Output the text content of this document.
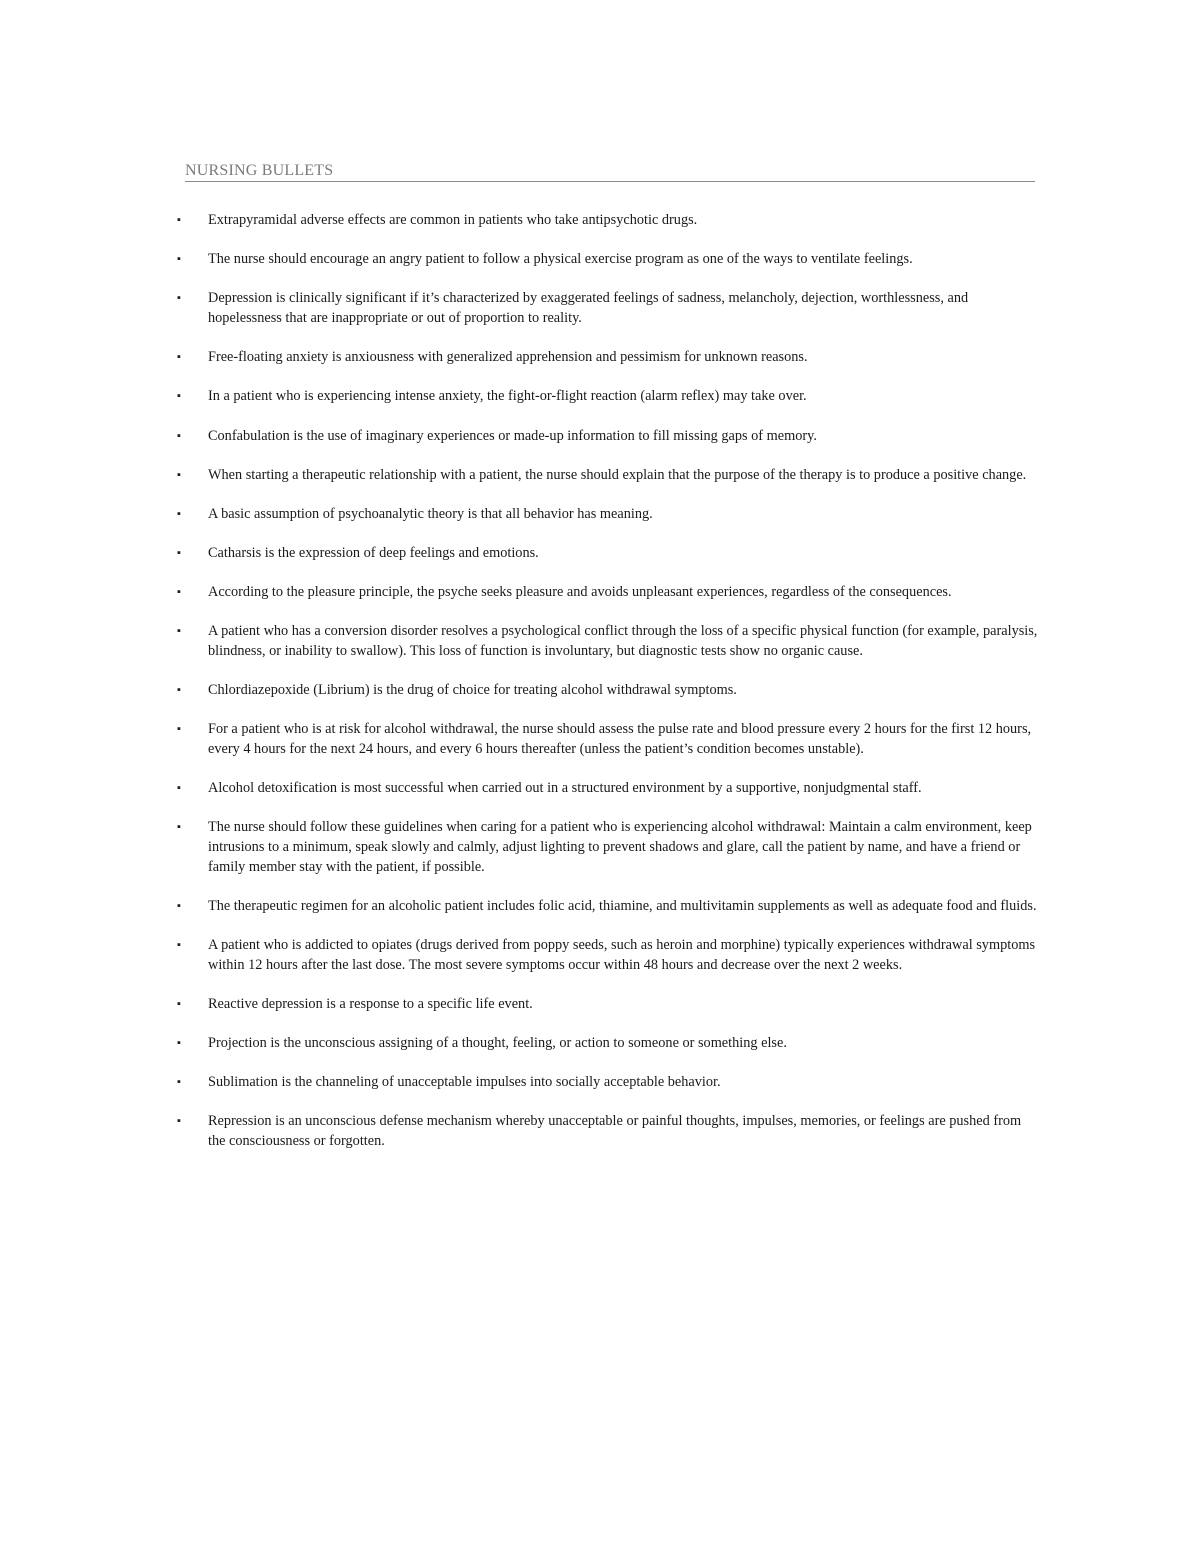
NURSING BULLETS
▪ Extrapyramidal adverse effects are common in patients who take antipsychotic drugs.
▪ The nurse should encourage an angry patient to follow a physical exercise program as one of the ways to ventilate feelings.
▪ Depression is clinically significant if it’s characterized by exaggerated feelings of sadness, melancholy, dejection, worthlessness, and hopelessness that are inappropriate or out of proportion to reality.
▪ Free-floating anxiety is anxiousness with generalized apprehension and pessimism for unknown reasons.
▪ In a patient who is experiencing intense anxiety, the fight-or-flight reaction (alarm reflex) may take over.
▪ Confabulation is the use of imaginary experiences or made-up information to fill missing gaps of memory.
▪ When starting a therapeutic relationship with a patient, the nurse should explain that the purpose of the therapy is to produce a positive change.
▪ A basic assumption of psychoanalytic theory is that all behavior has meaning.
▪ Catharsis is the expression of deep feelings and emotions.
▪ According to the pleasure principle, the psyche seeks pleasure and avoids unpleasant experiences, regardless of the consequences.
▪ A patient who has a conversion disorder resolves a psychological conflict through the loss of a specific physical function (for example, paralysis, blindness, or inability to swallow). This loss of function is involuntary, but diagnostic tests show no organic cause.
▪ Chlordiazepoxide (Librium) is the drug of choice for treating alcohol withdrawal symptoms.
▪ For a patient who is at risk for alcohol withdrawal, the nurse should assess the pulse rate and blood pressure every 2 hours for the first 12 hours, every 4 hours for the next 24 hours, and every 6 hours thereafter (unless the patient’s condition becomes unstable).
▪ Alcohol detoxification is most successful when carried out in a structured environment by a supportive, nonjudgmental staff.
▪ The nurse should follow these guidelines when caring for a patient who is experiencing alcohol withdrawal: Maintain a calm environment, keep intrusions to a minimum, speak slowly and calmly, adjust lighting to prevent shadows and glare, call the patient by name, and have a friend or family member stay with the patient, if possible.
▪ The therapeutic regimen for an alcoholic patient includes folic acid, thiamine, and multivitamin supplements as well as adequate food and fluids.
▪ A patient who is addicted to opiates (drugs derived from poppy seeds, such as heroin and morphine) typically experiences withdrawal symptoms within 12 hours after the last dose. The most severe symptoms occur within 48 hours and decrease over the next 2 weeks.
▪ Reactive depression is a response to a specific life event.
▪ Projection is the unconscious assigning of a thought, feeling, or action to someone or something else.
▪ Sublimation is the channeling of unacceptable impulses into socially acceptable behavior.
▪ Repression is an unconscious defense mechanism whereby unacceptable or painful thoughts, impulses, memories, or feelings are pushed from the consciousness or forgotten.
